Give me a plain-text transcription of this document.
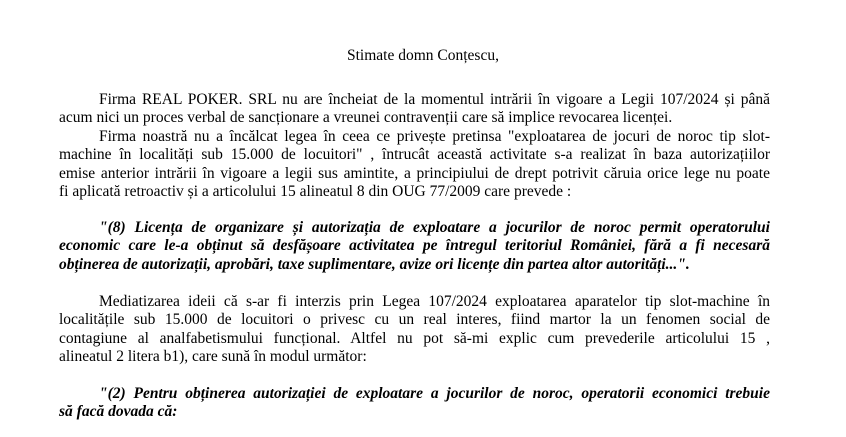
Stimate domn Conțescu,

Firma REAL POKER. SRL nu are încheiat de la momentul intrării în vigoare a Legii 107/2024 și până
acum nici un proces verbal de sancționare a vreunei contravenții care să implice revocarea licenței.

Firma noastră nu a încălcat legea în ceea ce privește pretinsa "exploatarea de jocuri de noroc tip slot-
machine în localități sub 15.000 de locuitori" , întrucât această activitate s-a realizat în baza autorizațiilor
emise anterior intrării în vigoare a legii sus amintite, a principiului de drept potrivit căruia orice lege nu poate
fi aplicată retroactiv și a articolului 15 alineatul 8 din OUG 77/2009 care prevede :

"(8) Licența de organizare și autorizația de exploatare a jocurilor de noroc permit operatorului
economic care le-a obținut să desfășoare activitatea pe întregul teritoriul României, fără a fi necesară
obținerea de autorizații, aprobări, taxe suplimentare, avize ori licențe din partea altor autorități...".

Mediatizarea ideii că s-ar fi interzis prin Legea 107/2024 exploatarea aparatelor tip slot-machine în
localitățile sub 15.000 de locuitori o privesc cu un real interes, fiind martor la un fenomen social de
contagiune al analfabetismului funcțional. Altfel nu pot să-mi explic cum prevederile articolului 15 ,
alineatul 2 litera b1), care sună în modul următor:

"(2) Pentru obținerea autorizației de exploatare a jocurilor de noroc, operatorii economici trebuie
să facă dovada că:
